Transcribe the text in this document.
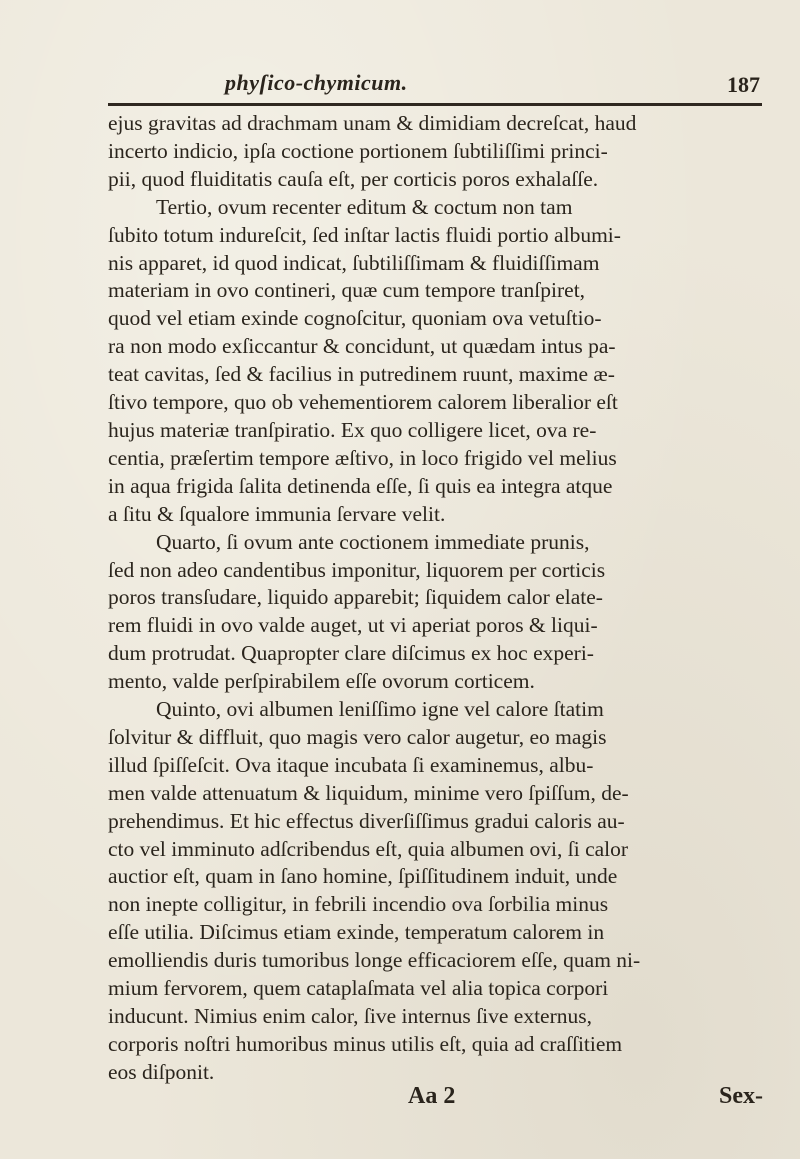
phyſico-chymicum.	187
ejus gravitas ad drachmam unam & dimidiam decreſcat, haud
incerto indicio, ipſa coctione portionem ſubtiliſſimi princi-
pii, quod fluiditatis cauſa eſt, per corticis poros exhalaſſe.
Tertio, ovum recenter editum & coctum non tam
ſubito totum indureſcit, ſed inſtar lactis fluidi portio albumi-
nis apparet, id quod indicat, ſubtiliſſimam & fluidiſſimam
materiam in ovo contineri, quæ cum tempore tranſpiret,
quod vel etiam exinde cognoſcitur, quoniam ova vetuſtio-
ra non modo exſiccantur & concidunt, ut quædam intus pa-
teat cavitas, ſed & facilius in putredinem ruunt, maxime æ-
ſtivo tempore, quo ob vehementiorem calorem liberalior eſt
hujus materiæ tranſpiratio. Ex quo colligere licet, ova re-
centia, præſertim tempore æſtivo, in loco frigido vel melius
in aqua frigida ſalita detinenda eſſe, ſi quis ea integra atque
a ſitu & ſqualore immunia ſervare velit.
Quarto, ſi ovum ante coctionem immediate prunis,
ſed non adeo candentibus imponitur, liquorem per corticis
poros transſudare, liquido apparebit; ſiquidem calor elate-
rem fluidi in ovo valde auget, ut vi aperiat poros & liqui-
dum protrudat. Quapropter clare diſcimus ex hoc experi-
mento, valde perſpirabilem eſſe ovorum corticem.
Quinto, ovi albumen leniſſimo igne vel calore ſtatim
ſolvitur & diffluit, quo magis vero calor augetur, eo magis
illud ſpiſſeſcit. Ova itaque incubata ſi examinemus, albu-
men valde attenuatum & liquidum, minime vero ſpiſſum, de-
prehendimus. Et hic effectus diverſiſſimus gradui caloris au-
cto vel imminuto adſcribendus eſt, quia albumen ovi, ſi calor
auctior eſt, quam in ſano homine, ſpiſſitudinem induit, unde
non inepte colligitur, in febrili incendio ova ſorbilia minus
eſſe utilia. Diſcimus etiam exinde, temperatum calorem in
emolliendis duris tumoribus longe efficaciorem eſſe, quam ni-
mium fervorem, quem cataplaſmata vel alia topica corpori
inducunt. Nimius enim calor, ſive internus ſive externus,
corporis noſtri humoribus minus utilis eſt, quia ad craſſitiem
eos diſponit.
Aa 2	Sex-
